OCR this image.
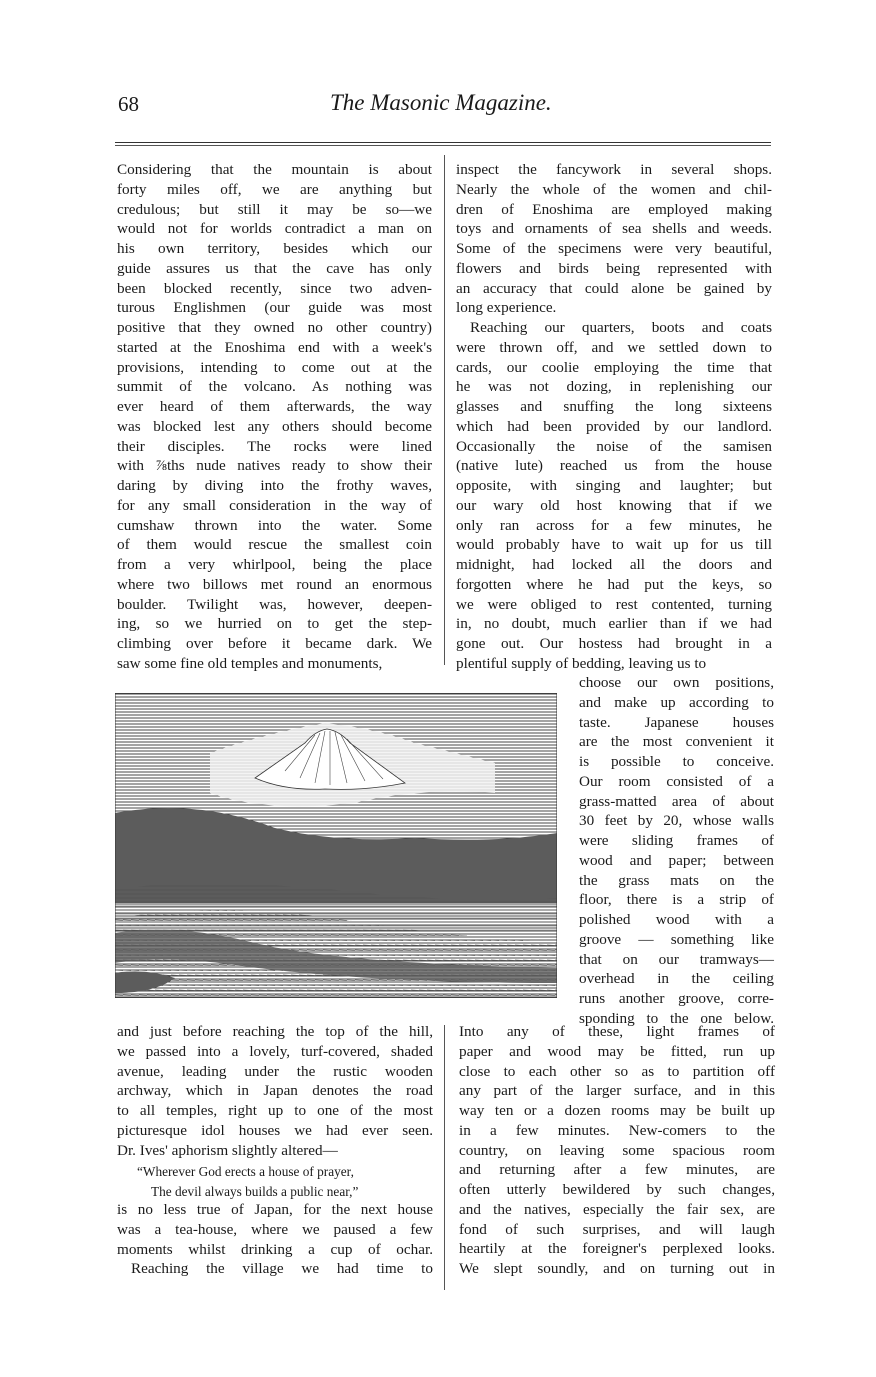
68	The Masonic Magazine.
Considering that the mountain is about
forty miles off, we are anything but
credulous; but still it may be so—we
would not for worlds contradict a man on
his own territory, besides which our
guide assures us that the cave has only
been blocked recently, since two adven-
turous Englishmen (our guide was most
positive that they owned no other country)
started at the Enoshima end with a week's
provisions, intending to come out at the
summit of the volcano. As nothing was
ever heard of them afterwards, the way
was blocked lest any others should become
their disciples. The rocks were lined
with ⅞ths nude natives ready to show their
daring by diving into the frothy waves,
for any small consideration in the way of
cumshaw thrown into the water. Some
of them would rescue the smallest coin
from a very whirlpool, being the place
where two billows met round an enormous
boulder. Twilight was, however, deepen-
ing, so we hurried on to get the step-
climbing over before it became dark. We
saw some fine old temples and monuments,
inspect the fancywork in several shops.
Nearly the whole of the women and chil-
dren of Enoshima are employed making
toys and ornaments of sea shells and weeds.
Some of the specimens were very beautiful,
flowers and birds being represented with
an accuracy that could alone be gained by
long experience.
Reaching our quarters, boots and coats
were thrown off, and we settled down to
cards, our coolie employing the time that
he was not dozing, in replenishing our
glasses and snuffing the long sixteens
which had been provided by our landlord.
Occasionally the noise of the samisen
(native lute) reached us from the house
opposite, with singing and laughter; but
our wary old host knowing that if we
only ran across for a few minutes, he
would probably have to wait up for us till
midnight, had locked all the doors and
forgotten where he had put the keys, so
we were obliged to rest contented, turning
in, no doubt, much earlier than if we had
gone out. Our hostess had brought in a
plentiful supply of bedding, leaving us to
choose our own positions,
and make up according to
taste. Japanese houses
are the most convenient it
is possible to conceive.
Our room consisted of a
grass-matted area of about
30 feet by 20, whose walls
were sliding frames of
wood and paper; between
the grass mats on the
floor, there is a strip of
polished wood with a
groove — something like
that on our tramways—
overhead in the ceiling
runs another groove, corre-
sponding to the one below.
and just before reaching the top of the hill,
we passed into a lovely, turf-covered, shaded
avenue, leading under the rustic wooden
archway, which in Japan denotes the road
to all temples, right up to one of the most
picturesque idol houses we had ever seen.
Dr. Ives' aphorism slightly altered—
“Wherever God erects a house of prayer,
The devil always builds a public near,”
is no less true of Japan, for the next house
was a tea-house, where we paused a few
moments whilst drinking a cup of ochar.
Reaching the village we had time to
Into any of these, light frames of
paper and wood may be fitted, run up
close to each other so as to partition off
any part of the larger surface, and in this
way ten or a dozen rooms may be built up
in a few minutes. New-comers to the
country, on leaving some spacious room
and returning after a few minutes, are
often utterly bewildered by such changes,
and the natives, especially the fair sex, are
fond of such surprises, and will laugh
heartily at the foreigner's perplexed looks.
We slept soundly, and on turning out in
